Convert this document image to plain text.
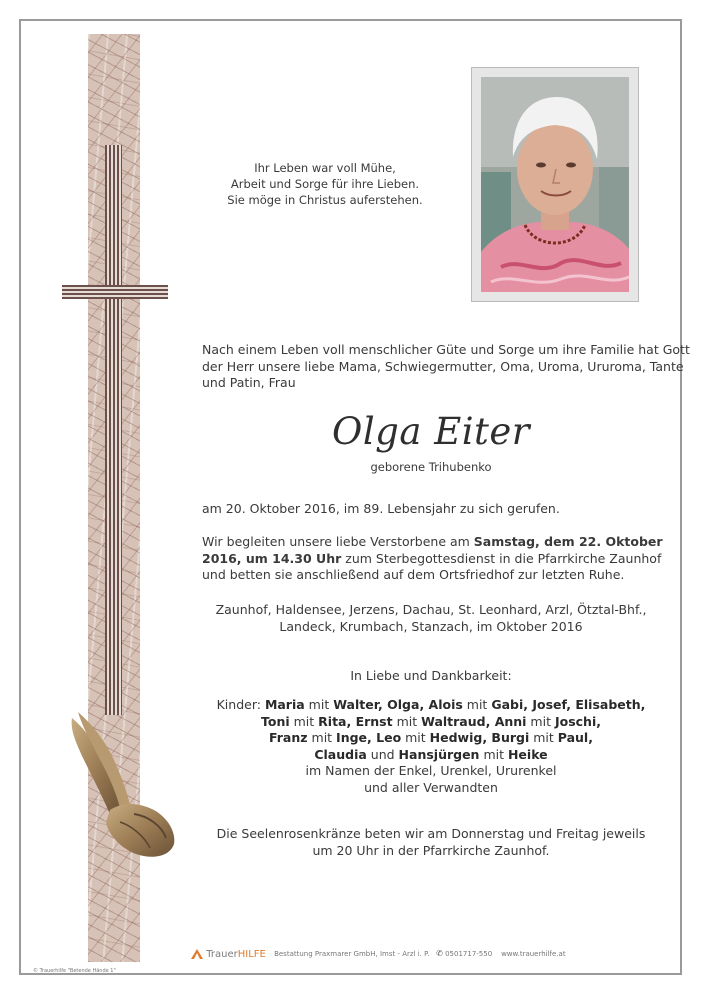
Ihr Leben war voll Mühe,
Arbeit und Sorge für ihre Lieben.
Sie möge in Christus auferstehen.
Nach einem Leben voll menschlicher Güte und Sorge um ihre Familie hat Gott
der Herr unsere liebe Mama, Schwiegermutter, Oma, Uroma, Ururoma, Tante
und Patin, Frau
Olga Eiter
geborene Trihubenko
am 20. Oktober 2016, im 89. Lebensjahr zu sich gerufen.
Wir begleiten unsere liebe Verstorbene am Samstag, dem 22. Oktober
2016, um 14.30 Uhr zum Sterbegottesdienst in die Pfarrkirche Zaunhof
und betten sie anschließend auf dem Ortsfriedhof zur letzten Ruhe.
Zaunhof, Haldensee, Jerzens, Dachau, St. Leonhard, Arzl, Ötztal-Bhf.,
Landeck, Krumbach, Stanzach, im Oktober 2016
In Liebe und Dankbarkeit:
Kinder: Maria mit Walter, Olga, Alois mit Gabi, Josef, Elisabeth,
Toni mit Rita, Ernst mit Waltraud, Anni mit Joschi,
Franz mit Inge, Leo mit Hedwig, Burgi mit Paul,
Claudia und Hansjürgen mit Heike
im Namen der Enkel, Urenkel, Ururenkel
und aller Verwandten
Die Seelenrosenkränze beten wir am Donnerstag und Freitag jeweils
um 20 Uhr in der Pfarrkirche Zaunhof.
TrauerHILFE Bestattung Praxmarer GmbH, Imst - Arzl i. P. ✆ 0501717-550 www.trauerhilfe.at
© Trauerhilfe "Betende Hände 1"
